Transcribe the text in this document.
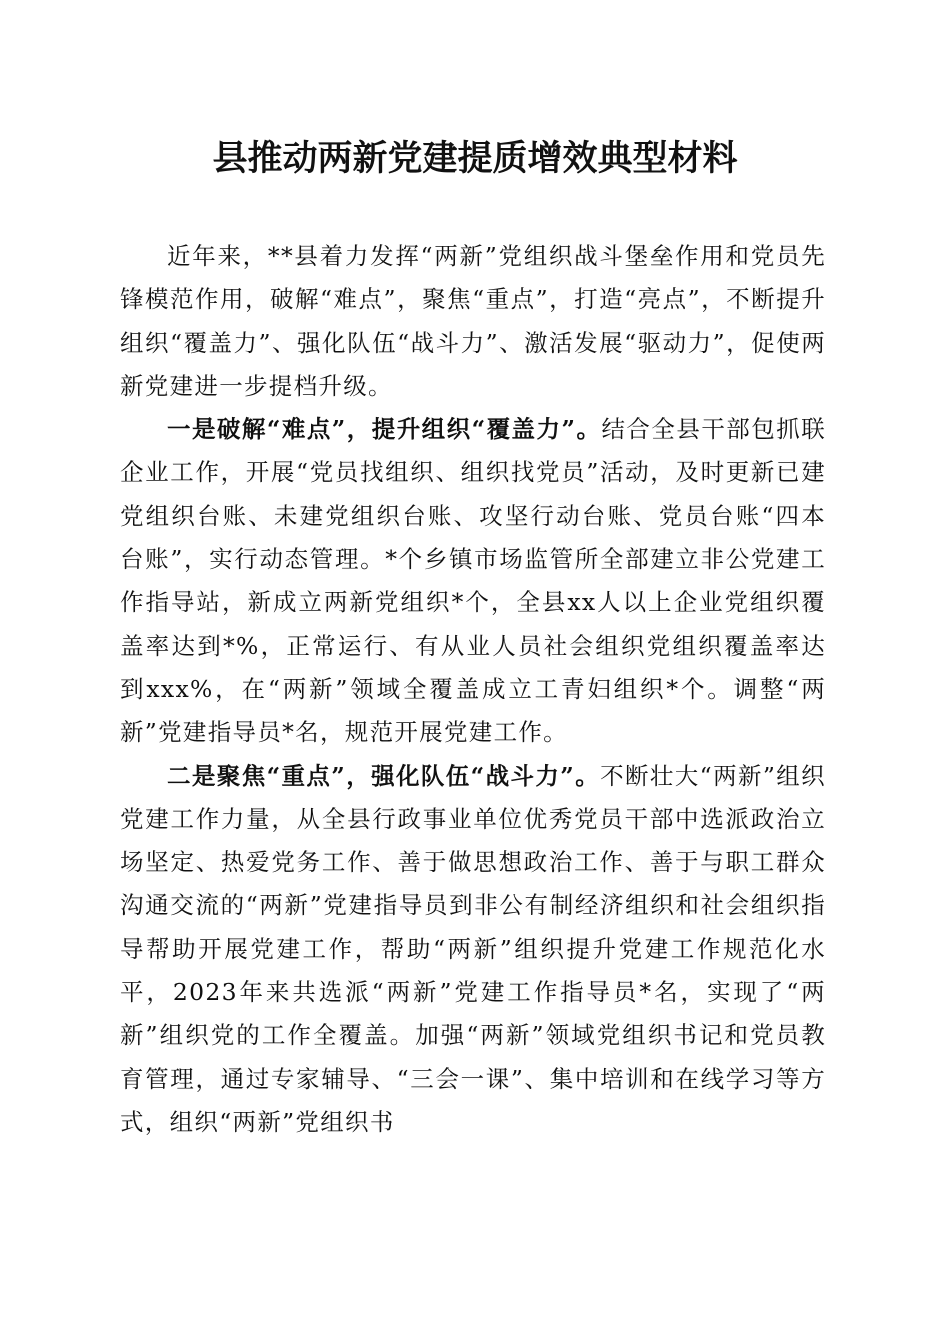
县推动两新党建提质增效典型材料

近年来，**县着力发挥“两新”党组织战斗堡垒作用和党员先锋模范作用，破解“难点”，聚焦“重点”，打造“亮点”，不断提升组织“覆盖力”、强化队伍“战斗力”、激活发展“驱动力”，促使两新党建进一步提档升级。

一是破解“难点”，提升组织“覆盖力”。结合全县干部包抓联企业工作，开展“党员找组织、组织找党员”活动，及时更新已建党组织台账、未建党组织台账、攻坚行动台账、党员台账“四本台账”，实行动态管理。*个乡镇市场监管所全部建立非公党建工作指导站，新成立两新党组织*个，全县xx人以上企业党组织覆盖率达到*%，正常运行、有从业人员社会组织党组织覆盖率达到xxx%，在“两新”领域全覆盖成立工青妇组织*个。调整“两新”党建指导员*名，规范开展党建工作。

二是聚焦“重点”，强化队伍“战斗力”。不断壮大“两新”组织党建工作力量，从全县行政事业单位优秀党员干部中选派政治立场坚定、热爱党务工作、善于做思想政治工作、善于与职工群众沟通交流的“两新”党建指导员到非公有制经济组织和社会组织指导帮助开展党建工作，帮助“两新”组织提升党建工作规范化水平，2023年来共选派“两新”党建工作指导员*名，实现了“两新”组织党的工作全覆盖。加强“两新”领域党组织书记和党员教育管理，通过专家辅导、“三会一课”、集中培训和在线学习等方式，组织“两新”党组织书
